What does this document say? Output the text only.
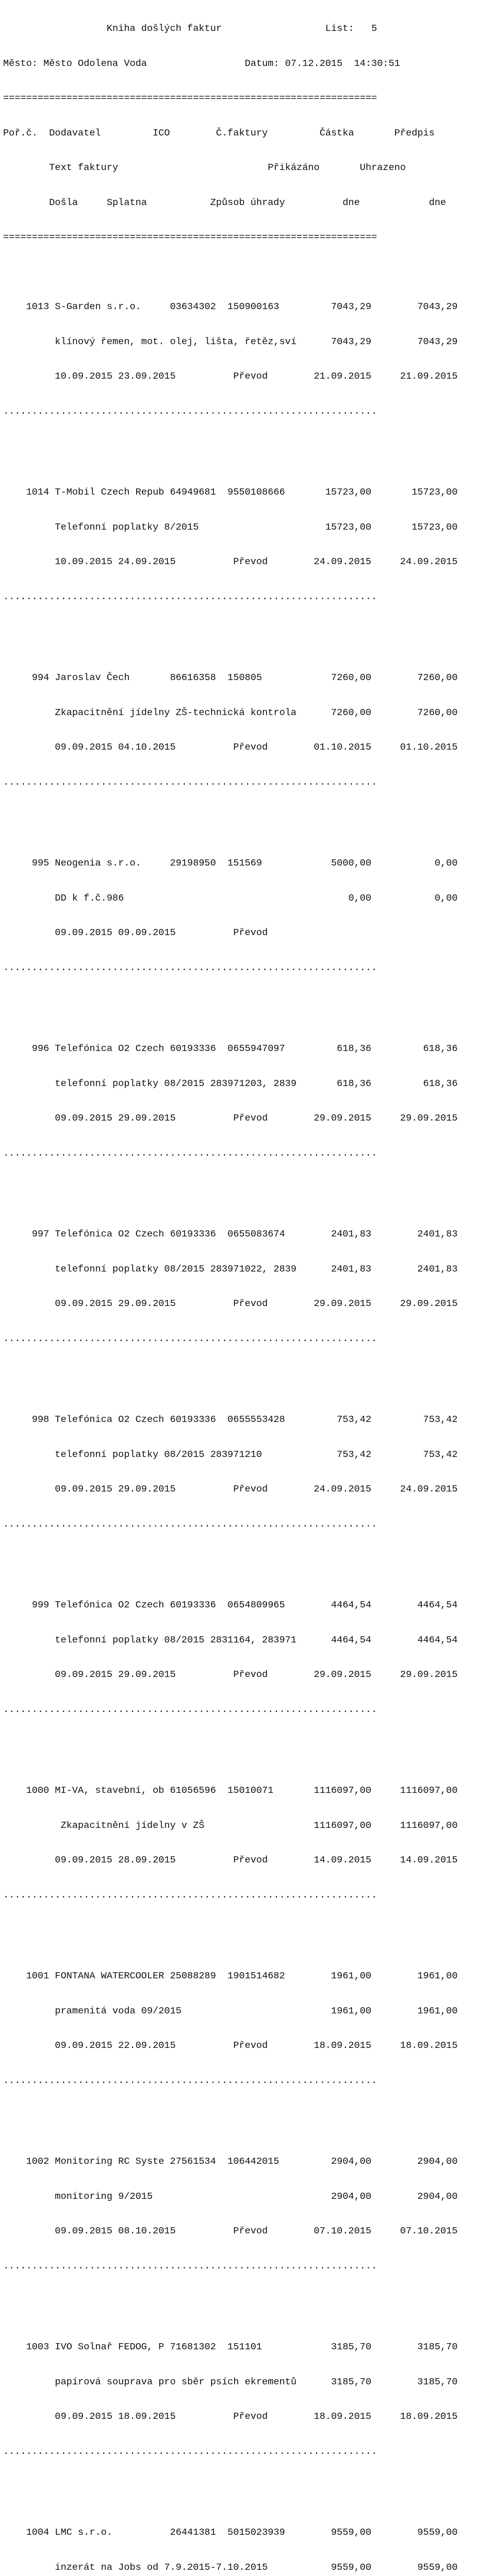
Kniha došlých faktur                  List:   5

Město: Město Odolena Voda                 Datum: 07.12.2015  14:30:51

=================================================================

Poř.č.  Dodavatel         ICO        Č.faktury         Částka       Předpis

Text faktury                          Přikázáno       Uhrazeno

Došla     Splatna           Způsob úhrady          dne            dne

=================================================================

1013 S-Garden s.r.o.     03634302  150900163         7043,29        7043,29

klínový řemen, mot. olej, lišta, řetěz,sví      7043,29        7043,29

10.09.2015 23.09.2015          Převod        21.09.2015     21.09.2015

.................................................................

1014 T-Mobil Czech Repub 64949681  9550108666       15723,00       15723,00

Telefonní poplatky 8/2015                      15723,00       15723,00

10.09.2015 24.09.2015          Převod        24.09.2015     24.09.2015

.................................................................

994 Jaroslav Čech       86616358  150805            7260,00        7260,00

Zkapacitnění jídelny ZŠ-technická kontrola      7260,00        7260,00

09.09.2015 04.10.2015          Převod        01.10.2015     01.10.2015

.................................................................

995 Neogenia s.r.o.     29198950  151569            5000,00           0,00

DD k f.č.986                                       0,00           0,00

09.09.2015 09.09.2015          Převod

.................................................................

996 Telefónica O2 Czech 60193336  0655947097         618,36         618,36

telefonní poplatky 08/2015 283971203, 2839       618,36         618,36

09.09.2015 29.09.2015          Převod        29.09.2015     29.09.2015

.................................................................

997 Telefónica O2 Czech 60193336  0655083674        2401,83        2401,83

telefonní poplatky 08/2015 283971022, 2839      2401,83        2401,83

09.09.2015 29.09.2015          Převod        29.09.2015     29.09.2015

.................................................................

998 Telefónica O2 Czech 60193336  0655553428         753,42         753,42

telefonní poplatky 08/2015 283971210             753,42         753,42

09.09.2015 29.09.2015          Převod        24.09.2015     24.09.2015

.................................................................

999 Telefónica O2 Czech 60193336  0654809965        4464,54        4464,54

telefonní poplatky 08/2015 2831164, 283971      4464,54        4464,54

09.09.2015 29.09.2015          Převod        29.09.2015     29.09.2015

.................................................................

1000 MI-VA, stavební, ob 61056596  15010071       1116097,00     1116097,00

Zkapacitnění jídelny v ZŠ                   1116097,00     1116097,00

09.09.2015 28.09.2015          Převod        14.09.2015     14.09.2015

.................................................................

1001 FONTANA WATERCOOLER 25088289  1901514682        1961,00        1961,00

pramenitá voda 09/2015                          1961,00        1961,00

09.09.2015 22.09.2015          Převod        18.09.2015     18.09.2015

.................................................................

1002 Monitoring RC Syste 27561534  106442015         2904,00        2904,00

monitoring 9/2015                               2904,00        2904,00

09.09.2015 08.10.2015          Převod        07.10.2015     07.10.2015

.................................................................

1003 IVO Solnař FEDOG, P 71681302  151101            3185,70        3185,70

papírová souprava pro sběr psích ekrementů      3185,70        3185,70

09.09.2015 18.09.2015          Převod        18.09.2015     18.09.2015

.................................................................

1004 LMC s.r.o.          26441381  5015023939        9559,00        9559,00

inzerát na Jobs od 7.9.2015-7.10.2015           9559,00        9559,00
